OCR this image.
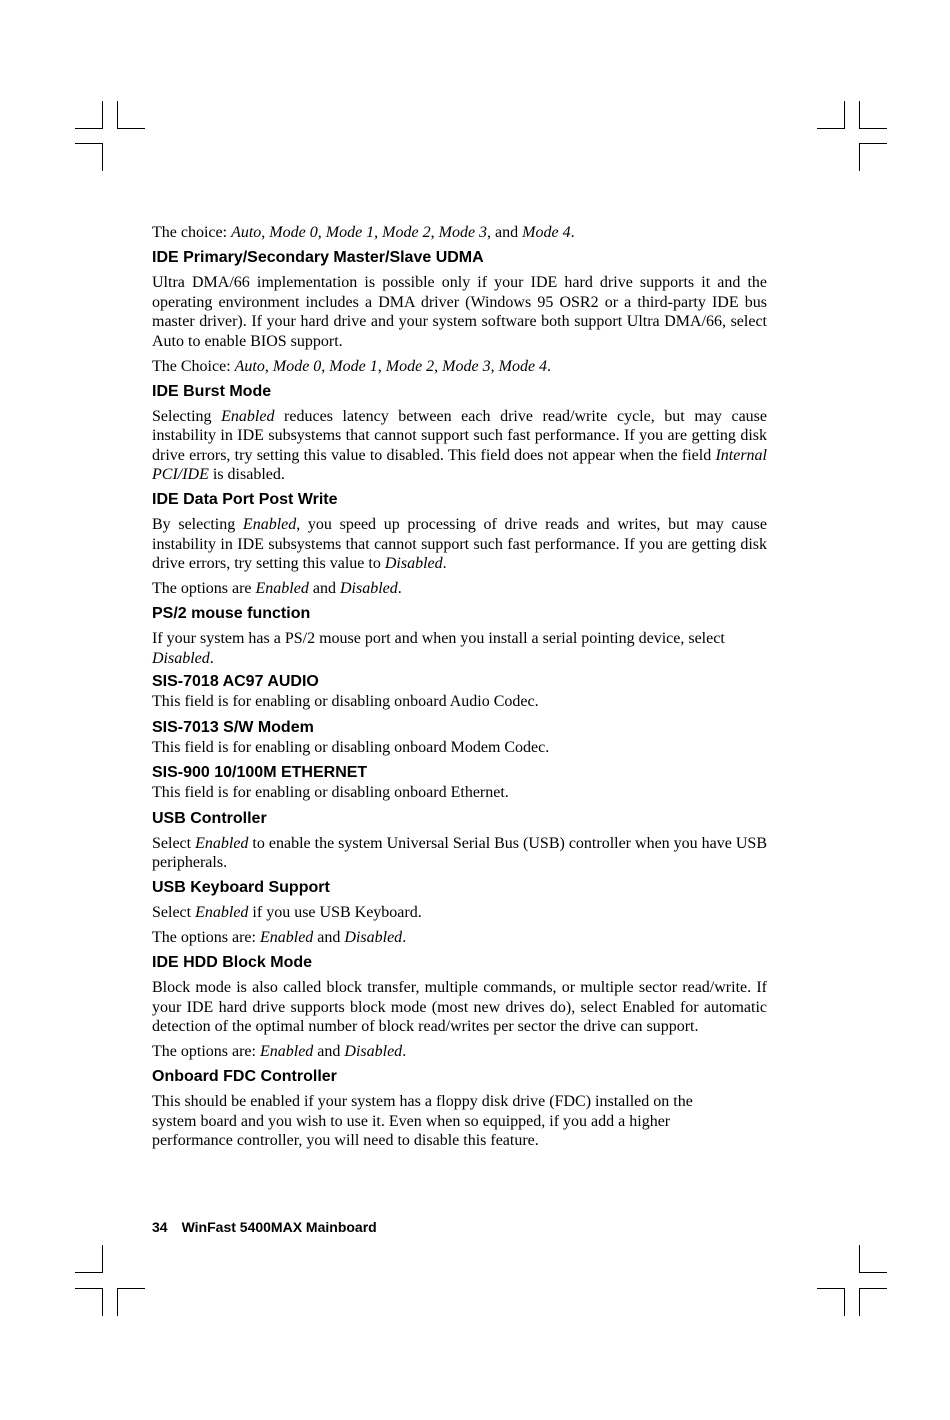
The choice: Auto, Mode 0, Mode 1, Mode 2, Mode 3, and Mode 4.

IDE Primary/Secondary Master/Slave UDMA

Ultra DMA/66 implementation is possible only if your IDE hard drive supports it and the operating environment includes a DMA driver (Windows 95 OSR2 or a third-party IDE bus master driver). If your hard drive and your system software both support Ultra DMA/66, select Auto to enable BIOS support.

The Choice: Auto, Mode 0, Mode 1, Mode 2, Mode 3, Mode 4.

IDE Burst Mode

Selecting Enabled reduces latency between each drive read/write cycle, but may cause instability in IDE subsystems that cannot support such fast performance. If you are getting disk drive errors, try setting this value to disabled. This field does not appear when the field Internal PCI/IDE is disabled.

IDE Data Port Post Write

By selecting Enabled, you speed up processing of drive reads and writes, but may cause instability in IDE subsystems that cannot support such fast performance. If you are getting disk drive errors, try setting this value to Disabled.

The options are Enabled and Disabled.

PS/2 mouse function

If your system has a PS/2 mouse port and when you install a serial pointing device, select Disabled.

SIS-7018 AC97 AUDIO

This field is for enabling or disabling onboard Audio Codec.

SIS-7013 S/W Modem

This field is for enabling or disabling onboard Modem Codec.

SIS-900 10/100M ETHERNET

This field is for enabling or disabling onboard Ethernet.

USB Controller

Select Enabled to enable the system Universal Serial Bus (USB) controller when you have USB peripherals.

USB Keyboard Support

Select Enabled if you use USB Keyboard.

The options are: Enabled and Disabled.

IDE HDD Block Mode

Block mode is also called block transfer, multiple commands, or multiple sector read/write. If your IDE hard drive supports block mode (most new drives do), select Enabled for automatic detection of the optimal number of block read/writes per sector the drive can support.

The options are: Enabled and Disabled.

Onboard FDC Controller

This should be enabled if your system has a floppy disk drive (FDC) installed on the
system board and you wish to use it. Even when so equipped, if you add a higher
performance controller, you will need to disable this feature.

34 WinFast 5400MAX Mainboard
